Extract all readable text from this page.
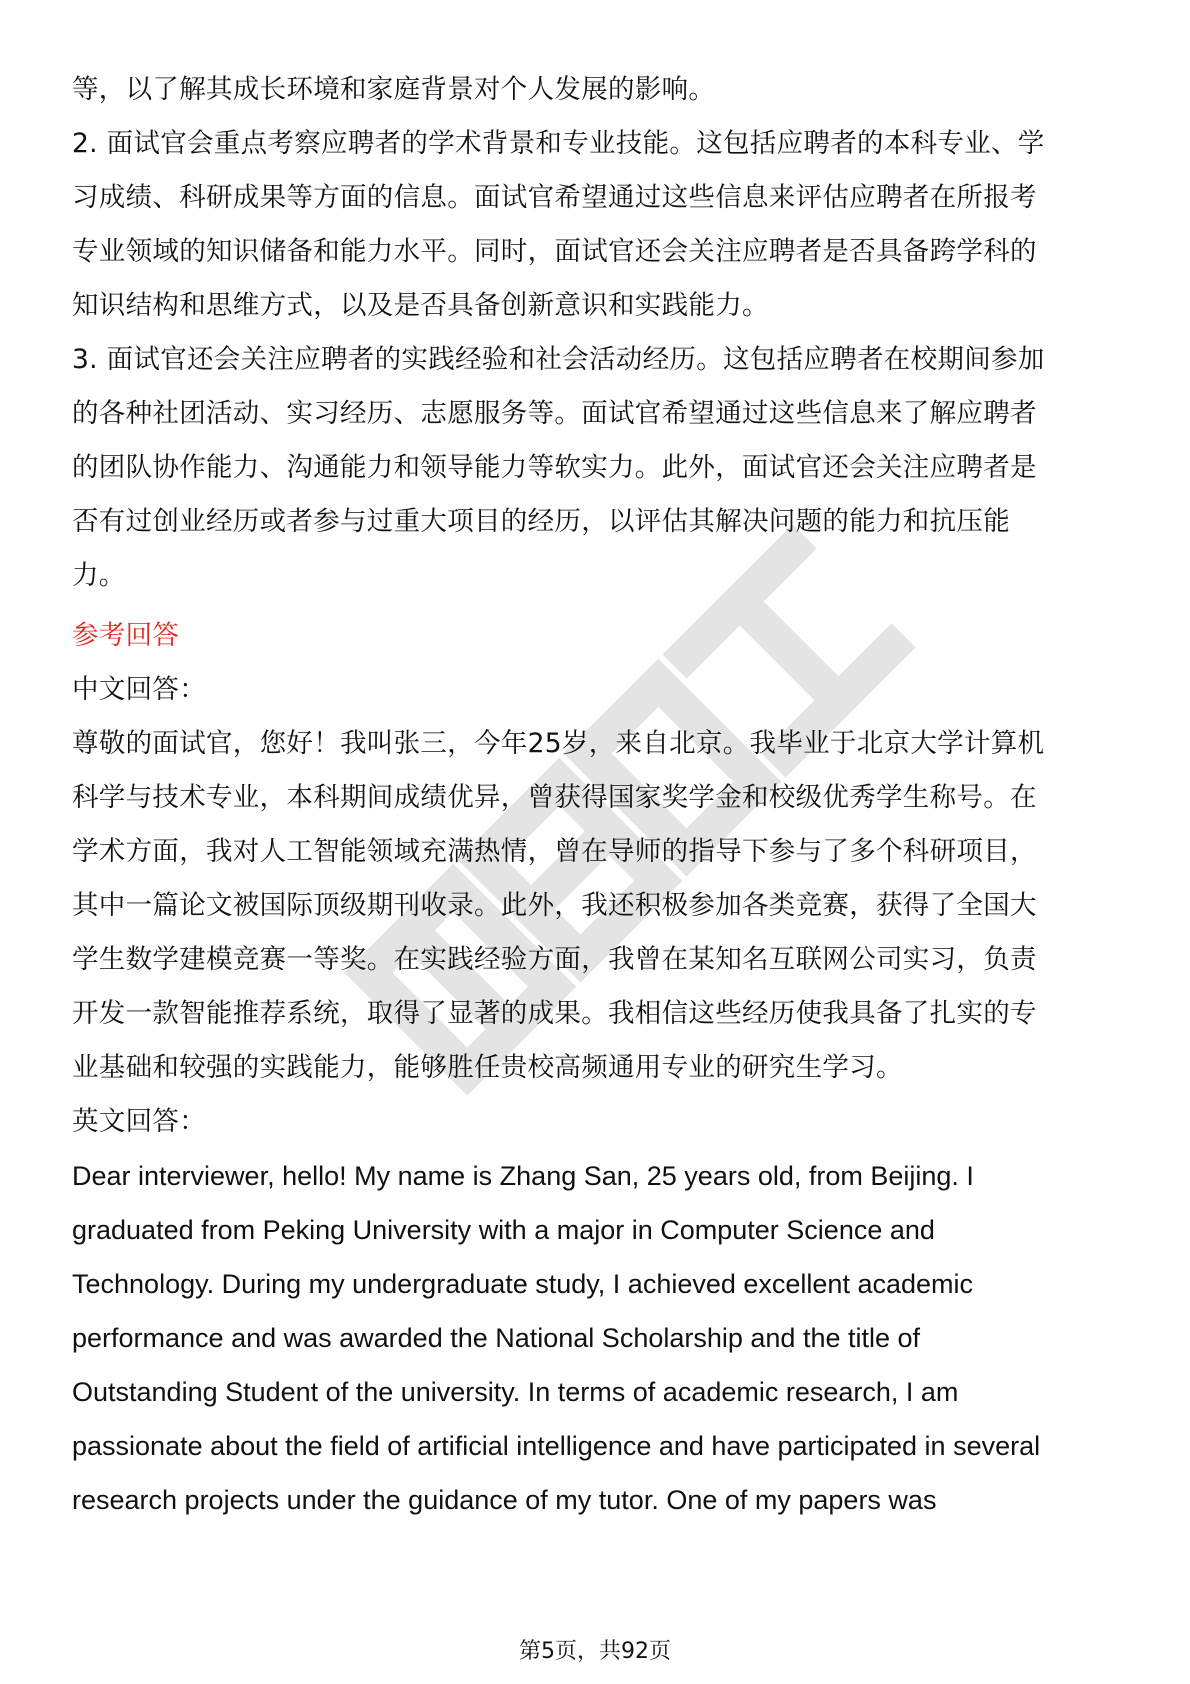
等，以了解其成长环境和家庭背景对个人发展的影响。
2. 面试官会重点考察应聘者的学术背景和专业技能。这包括应聘者的本科专业、学
习成绩、科研成果等方面的信息。面试官希望通过这些信息来评估应聘者在所报考
专业领域的知识储备和能力水平。同时，面试官还会关注应聘者是否具备跨学科的
知识结构和思维方式，以及是否具备创新意识和实践能力。
3. 面试官还会关注应聘者的实践经验和社会活动经历。这包括应聘者在校期间参加
的各种社团活动、实习经历、志愿服务等。面试官希望通过这些信息来了解应聘者
的团队协作能力、沟通能力和领导能力等软实力。此外，面试官还会关注应聘者是
否有过创业经历或者参与过重大项目的经历，以评估其解决问题的能力和抗压能
力。
参考回答
中文回答：
尊敬的面试官，您好！我叫张三，今年25岁，来自北京。我毕业于北京大学计算机
科学与技术专业，本科期间成绩优异，曾获得国家奖学金和校级优秀学生称号。在
学术方面，我对人工智能领域充满热情，曾在导师的指导下参与了多个科研项目，
其中一篇论文被国际顶级期刊收录。此外，我还积极参加各类竞赛，获得了全国大
学生数学建模竞赛一等奖。在实践经验方面，我曾在某知名互联网公司实习，负责
开发一款智能推荐系统，取得了显著的成果。我相信这些经历使我具备了扎实的专
业基础和较强的实践能力，能够胜任贵校高频通用专业的研究生学习。
英文回答：
Dear interviewer, hello! My name is Zhang San, 25 years old, from Beijing. I
graduated from Peking University with a major in Computer Science and
Technology. During my undergraduate study, I achieved excellent academic
performance and was awarded the National Scholarship and the title of
Outstanding Student of the university. In terms of academic research, I am
passionate about the field of artificial intelligence and have participated in several
research projects under the guidance of my tutor. One of my papers was
第5页，共92页
